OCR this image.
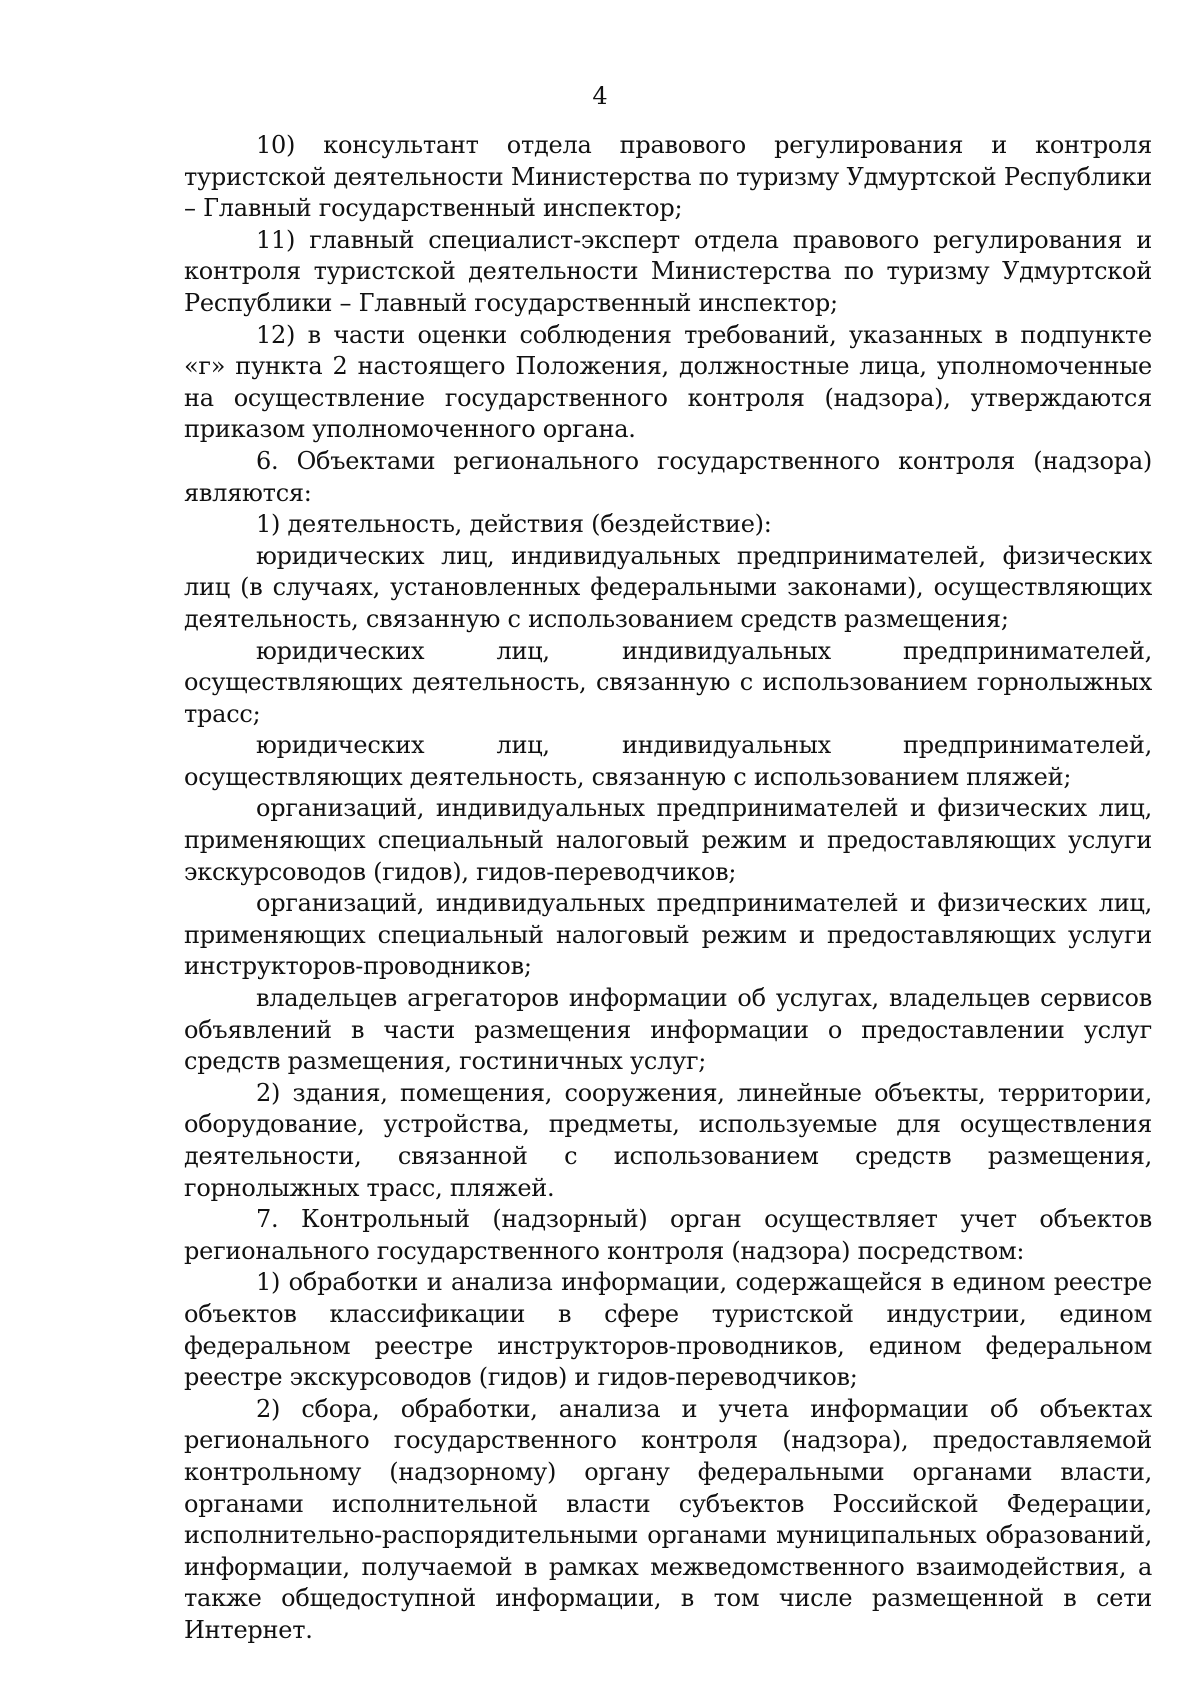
4

10) консультант отдела правового регулирования и контроля туристской деятельности Министерства по туризму Удмуртской Республики – Главный государственный инспектор;

11) главный специалист-эксперт отдела правового регулирования и контроля туристской деятельности Министерства по туризму Удмуртской Республики – Главный государственный инспектор;

12) в части оценки соблюдения требований, указанных в подпункте «г» пункта 2 настоящего Положения, должностные лица, уполномоченные на осуществление государственного контроля (надзора), утверждаются приказом уполномоченного органа.

6. Объектами регионального государственного контроля (надзора) являются:

1) деятельность, действия (бездействие):

юридических лиц, индивидуальных предпринимателей, физических лиц (в случаях, установленных федеральными законами), осуществляющих деятельность, связанную с использованием средств размещения;

юридических лиц, индивидуальных предпринимателей, осуществляющих деятельность, связанную с использованием горнолыжных трасс;

юридических лиц, индивидуальных предпринимателей, осуществляющих деятельность, связанную с использованием пляжей;

организаций, индивидуальных предпринимателей и физических лиц, применяющих специальный налоговый режим и предоставляющих услуги экскурсоводов (гидов), гидов-переводчиков;

организаций, индивидуальных предпринимателей и физических лиц, применяющих специальный налоговый режим и предоставляющих услуги инструкторов-проводников;

владельцев агрегаторов информации об услугах, владельцев сервисов объявлений в части размещения информации о предоставлении услуг средств размещения, гостиничных услуг;

2) здания, помещения, сооружения, линейные объекты, территории, оборудование, устройства, предметы, используемые для осуществления деятельности, связанной с использованием средств размещения, горнолыжных трасс, пляжей.

7. Контрольный (надзорный) орган осуществляет учет объектов регионального государственного контроля (надзора) посредством:

1) обработки и анализа информации, содержащейся в едином реестре объектов классификации в сфере туристской индустрии, едином федеральном реестре инструкторов-проводников, едином федеральном реестре экскурсоводов (гидов) и гидов-переводчиков;

2) сбора, обработки, анализа и учета информации об объектах регионального государственного контроля (надзора), предоставляемой контрольному (надзорному) органу федеральными органами власти, органами исполнительной власти субъектов Российской Федерации, исполнительно-распорядительными органами муниципальных образований, информации, получаемой в рамках межведомственного взаимодействия, а также общедоступной информации, в том числе размещенной в сети Интернет.
